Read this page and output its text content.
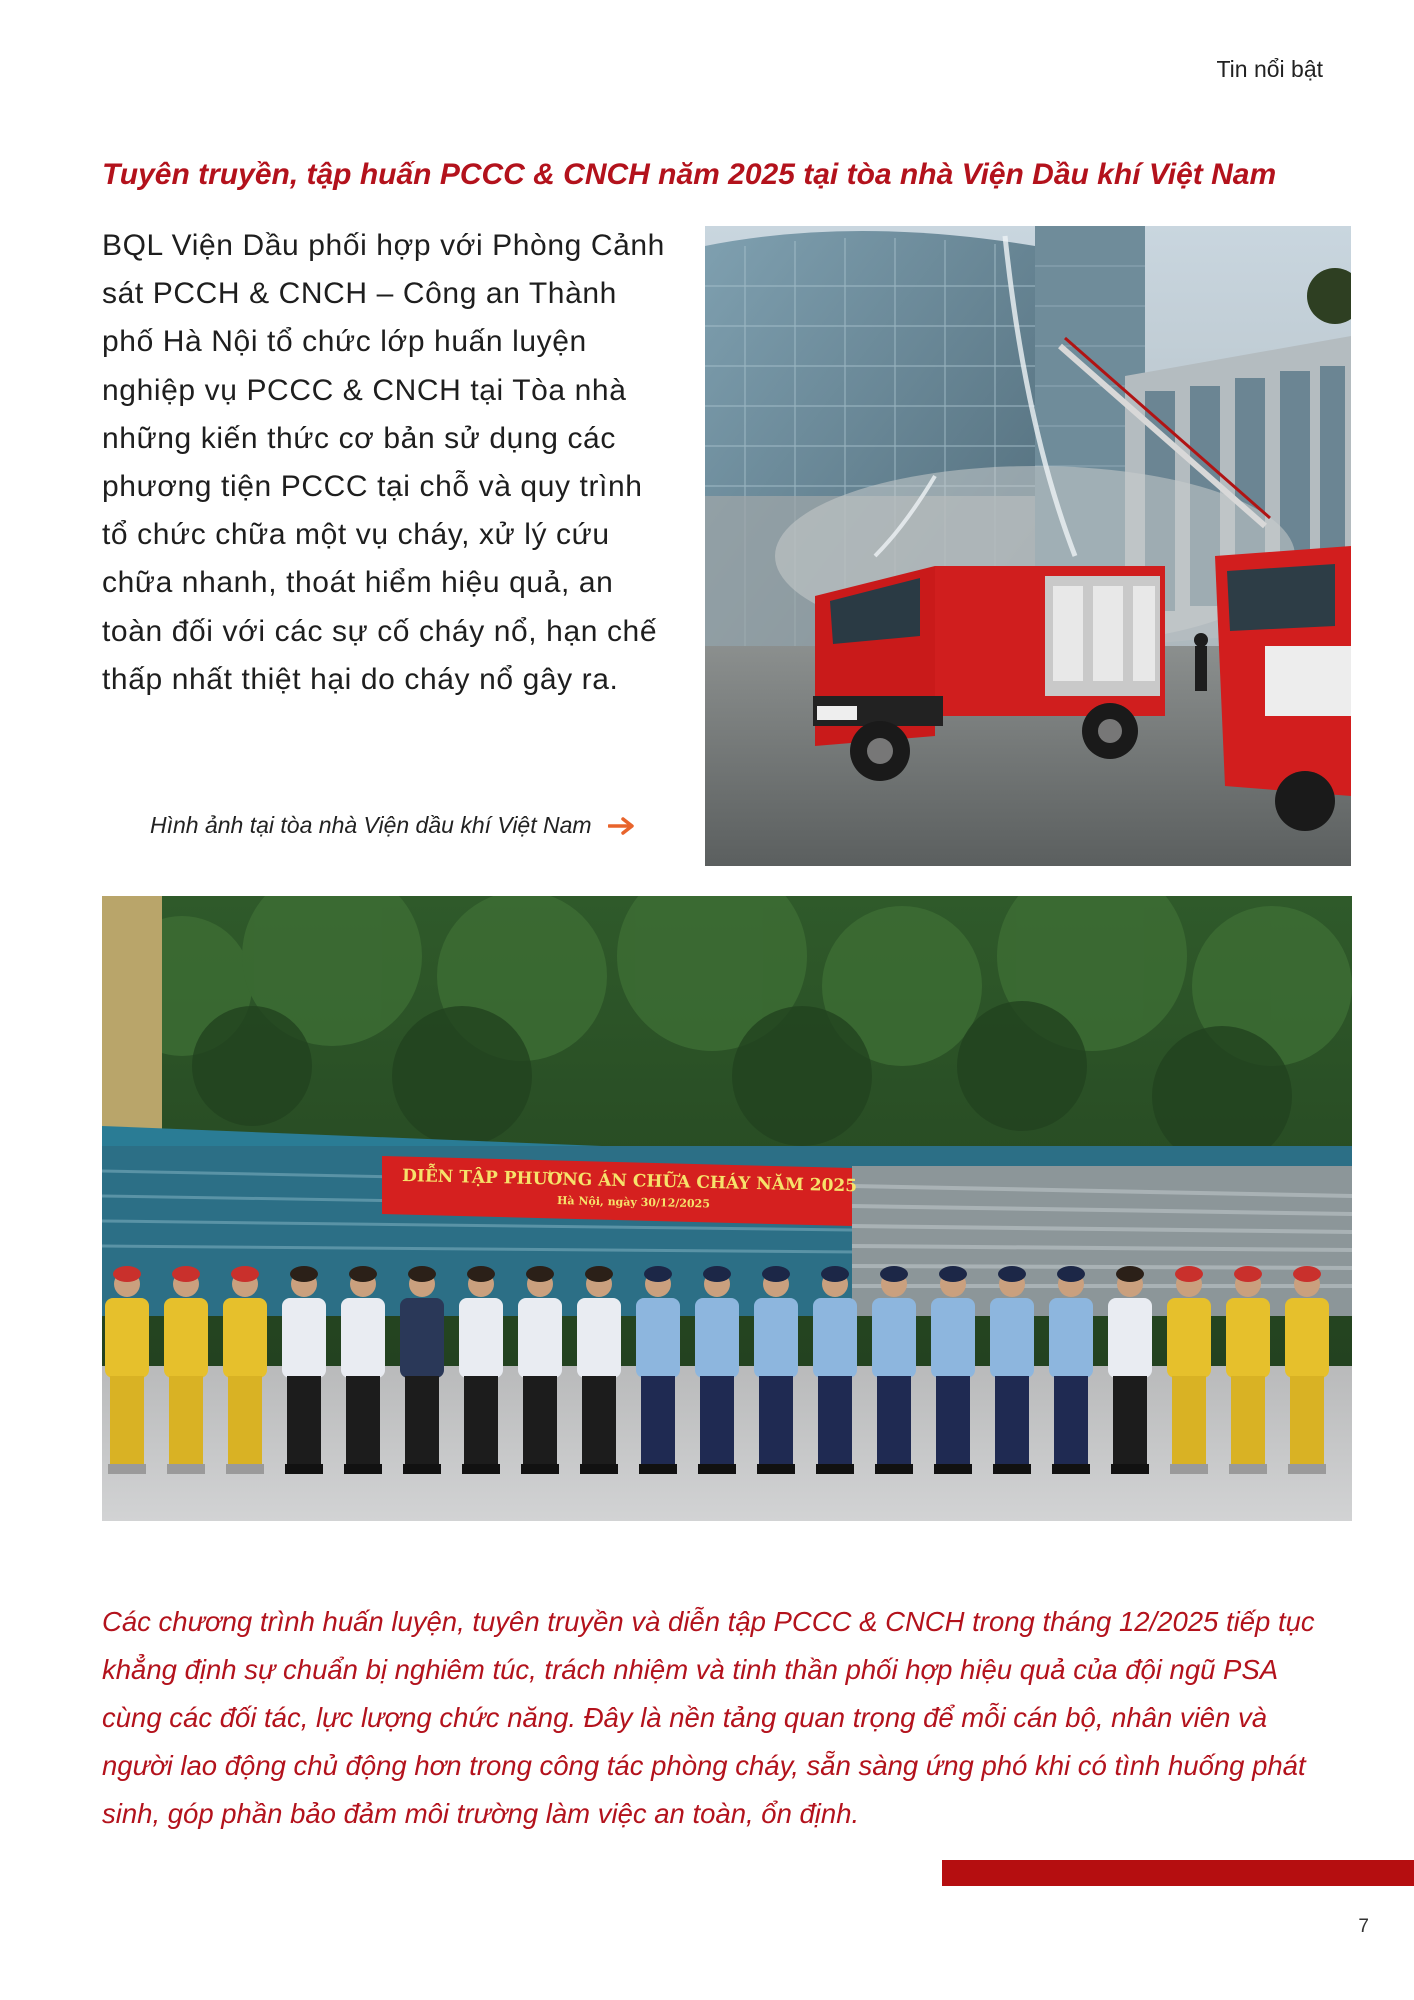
Tin nổi bật
Tuyên truyền, tập huấn PCCC & CNCH năm 2025 tại tòa nhà Viện Dầu khí Việt Nam

BQL Viện Dầu phối hợp với Phòng Cảnh sát PCCH & CNCH – Công an Thành phố Hà Nội tổ chức lớp huấn luyện nghiệp vụ PCCC & CNCH tại Tòa nhà những kiến thức cơ bản sử dụng các phương tiện PCCC tại chỗ và quy trình tổ chức chữa một vụ cháy, xử lý cứu chữa nhanh, thoát hiểm hiệu quả, an toàn đối với các sự cố cháy nổ, hạn chế thấp nhất thiệt hại do cháy nổ gây ra.

Hình ảnh tại tòa nhà Viện dầu khí Việt Nam
DIỄN TẬP PHƯƠNG ÁN CHỮA CHÁY NĂM 2025
Hà Nội, ngày 30/12/2025

Các chương trình huấn luyện, tuyên truyền và diễn tập PCCC & CNCH trong tháng 12/2025 tiếp tục khẳng định sự chuẩn bị nghiêm túc, trách nhiệm và tinh thần phối hợp hiệu quả của đội ngũ PSA cùng các đối tác, lực lượng chức năng. Đây là nền tảng quan trọng để mỗi cán bộ, nhân viên và người lao động chủ động hơn trong công tác phòng cháy, sẵn sàng ứng phó khi có tình huống phát sinh, góp phần bảo đảm môi trường làm việc an toàn, ổn định.

7
